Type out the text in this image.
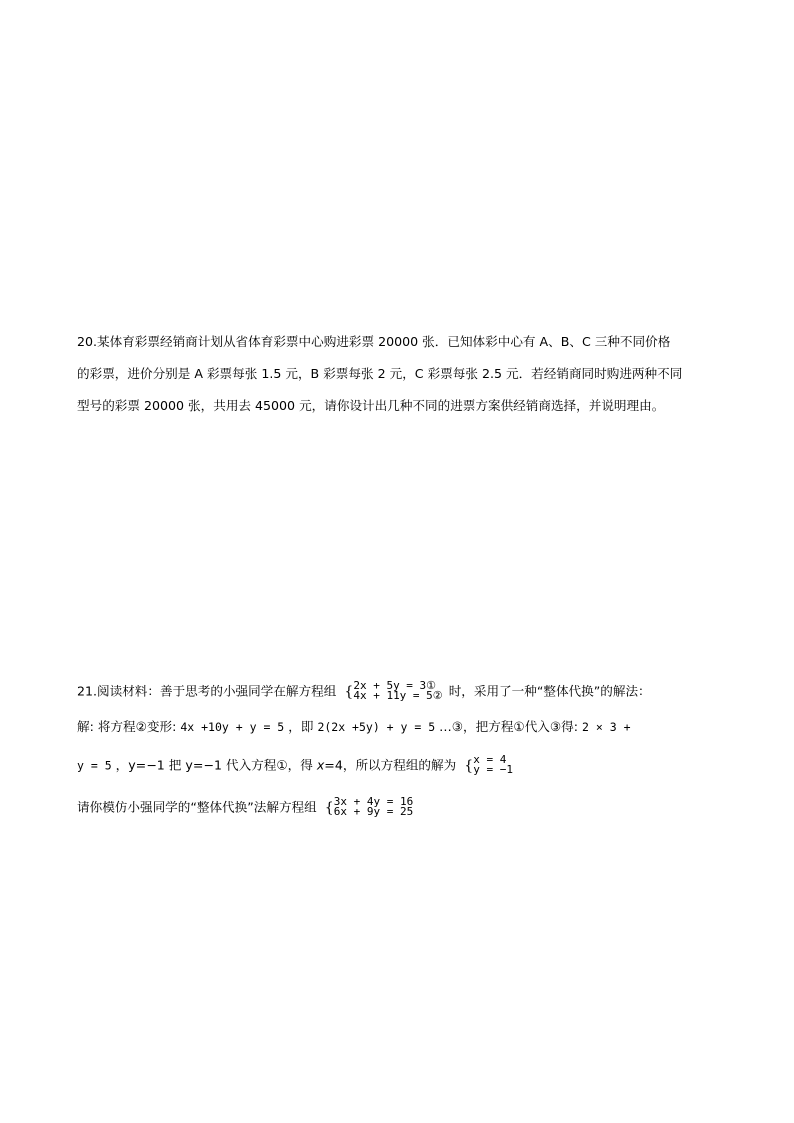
20.某体育彩票经销商计划从省体育彩票中心购进彩票 20000 张．已知体彩中心有 A、B、C 三种不同价格
的彩票，进价分别是 A 彩票每张 1.5 元，B 彩票每张 2 元，C 彩票每张 2.5 元．若经销商同时购进两种不同
型号的彩票 20000 张，共用去 45000 元，请你设计出几种不同的进票方案供经销商选择，并说明理由。
21.阅读材料：善于思考的小强同学在解方程组 { 2x + 5y = 3①
4x + 11y = 5② 时，采用了一种“整体代换”的解法：
解: 将方程②变形: 4x +10y + y = 5 ，即 2(2x +5y) + y = 5 …③，把方程①代入③得: 2 × 3 +
y = 5 ，y=−1 把 y=−1 代入方程①，得 x=4，所以方程组的解为 { x = 4
y = −1
请你模仿小强同学的“整体代换”法解方程组 { 3x + 4y = 16
6x + 9y = 25
